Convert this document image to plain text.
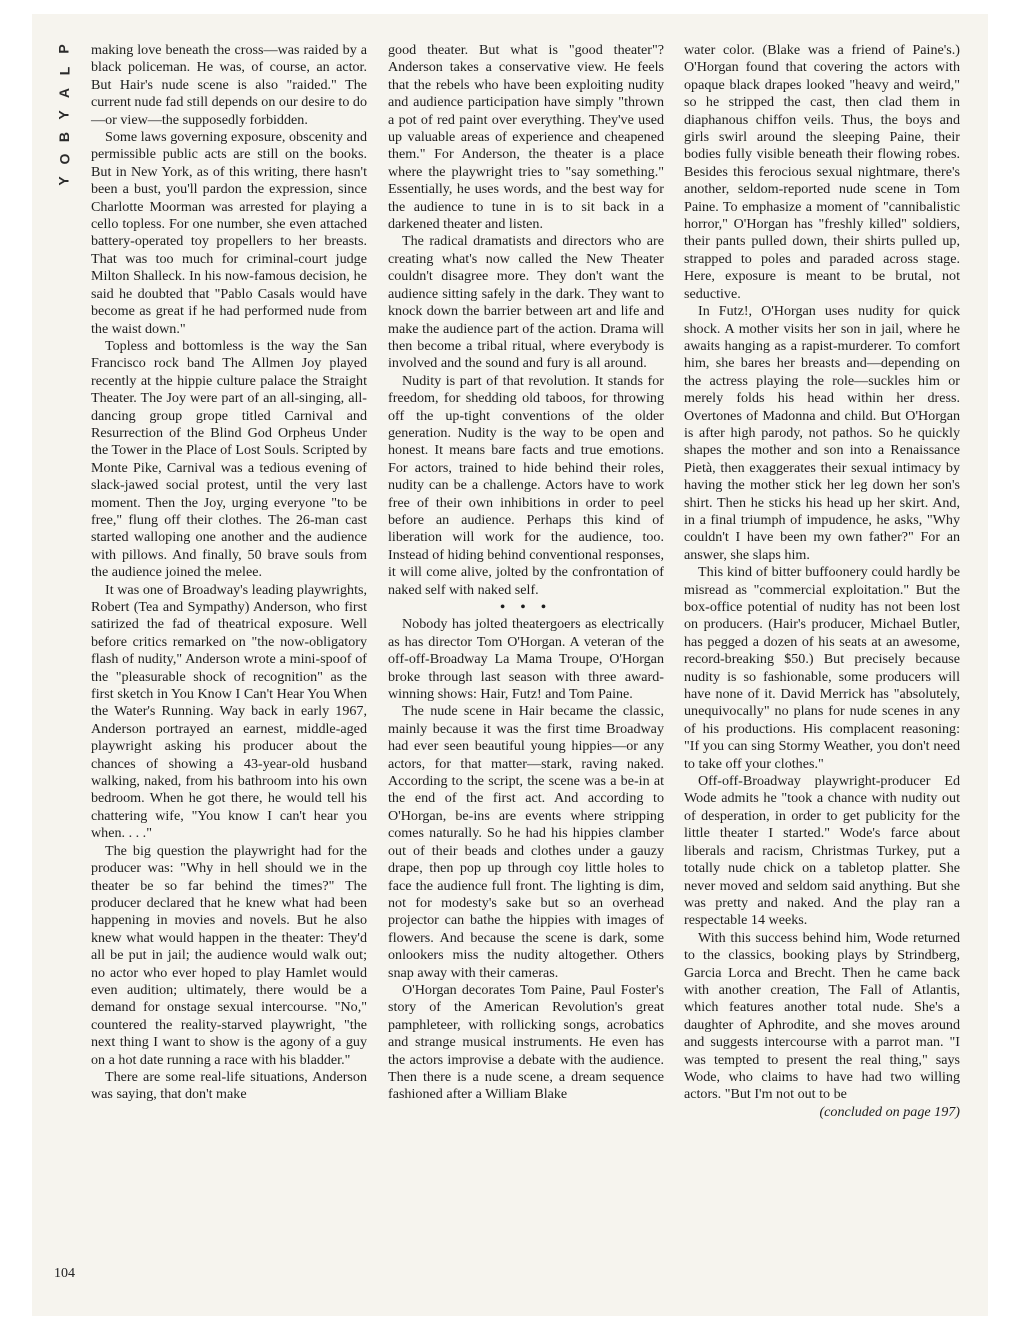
P
L
A
Y
B
O
Y

making love beneath the cross—was raided by a black policeman. He was, of course, an actor. But Hair's nude scene is also "raided." The current nude fad still depends on our desire to do—or view—the supposedly forbidden.

Some laws governing exposure, obscenity and permissible public acts are still on the books. But in New York, as of this writing, there hasn't been a bust, you'll pardon the expression, since Charlotte Moorman was arrested for playing a cello topless. For one number, she even attached battery-operated toy propellers to her breasts. That was too much for criminal-court judge Milton Shalleck. In his now-famous decision, he said he doubted that "Pablo Casals would have become as great if he had performed nude from the waist down."

Topless and bottomless is the way the San Francisco rock band The Allmen Joy played recently at the hippie culture palace the Straight Theater. The Joy were part of an all-singing, all-dancing group grope titled Carnival and Resurrection of the Blind God Orpheus Under the Tower in the Place of Lost Souls. Scripted by Monte Pike, Carnival was a tedious evening of slack-jawed social protest, until the very last moment. Then the Joy, urging everyone "to be free," flung off their clothes. The 26-man cast started walloping one another and the audience with pillows. And finally, 50 brave souls from the audience joined the melee.

It was one of Broadway's leading playwrights, Robert (Tea and Sympathy) Anderson, who first satirized the fad of theatrical exposure. Well before critics remarked on "the now-obligatory flash of nudity," Anderson wrote a mini-spoof of the "pleasurable shock of recognition" as the first sketch in You Know I Can't Hear You When the Water's Running. Way back in early 1967, Anderson portrayed an earnest, middle-aged playwright asking his producer about the chances of showing a 43-year-old husband walking, naked, from his bathroom into his own bedroom. When he got there, he would tell his chattering wife, "You know I can't hear you when. . . ."

The big question the playwright had for the producer was: "Why in hell should we in the theater be so far behind the times?" The producer declared that he knew what had been happening in movies and novels. But he also knew what would happen in the theater: They'd all be put in jail; the audience would walk out; no actor who ever hoped to play Hamlet would even audition; ultimately, there would be a demand for onstage sexual intercourse. "No," countered the reality-starved playwright, "the next thing I want to show is the agony of a guy on a hot date running a race with his bladder."

There are some real-life situations, Anderson was saying, that don't make

good theater. But what is "good theater"? Anderson takes a conservative view. He feels that the rebels who have been exploiting nudity and audience participation have simply "thrown a pot of red paint over everything. They've used up valuable areas of experience and cheapened them." For Anderson, the theater is a place where the playwright tries to "say something." Essentially, he uses words, and the best way for the audience to tune in is to sit back in a darkened theater and listen.

The radical dramatists and directors who are creating what's now called the New Theater couldn't disagree more. They don't want the audience sitting safely in the dark. They want to knock down the barrier between art and life and make the audience part of the action. Drama will then become a tribal ritual, where everybody is involved and the sound and fury is all around.

Nudity is part of that revolution. It stands for freedom, for shedding old taboos, for throwing off the up-tight conventions of the older generation. Nudity is the way to be open and honest. It means bare facts and true emotions. For actors, trained to hide behind their roles, nudity can be a challenge. Actors have to work free of their own inhibitions in order to peel before an audience. Perhaps this kind of liberation will work for the audience, too. Instead of hiding behind conventional responses, it will come alive, jolted by the confrontation of naked self with naked self.

• • •

Nobody has jolted theatergoers as electrically as has director Tom O'Horgan. A veteran of the off-off-Broadway La Mama Troupe, O'Horgan broke through last season with three award-winning shows: Hair, Futz! and Tom Paine.

The nude scene in Hair became the classic, mainly because it was the first time Broadway had ever seen beautiful young hippies—or any actors, for that matter—stark, raving naked. According to the script, the scene was a be-in at the end of the first act. And according to O'Horgan, be-ins are events where stripping comes naturally. So he had his hippies clamber out of their beads and clothes under a gauzy drape, then pop up through coy little holes to face the audience full front. The lighting is dim, not for modesty's sake but so an overhead projector can bathe the hippies with images of flowers. And because the scene is dark, some onlookers miss the nudity altogether. Others snap away with their cameras.

O'Horgan decorates Tom Paine, Paul Foster's story of the American Revolution's great pamphleteer, with rollicking songs, acrobatics and strange musical instruments. He even has the actors improvise a debate with the audience. Then there is a nude scene, a dream sequence fashioned after a William Blake

water color. (Blake was a friend of Paine's.) O'Horgan found that covering the actors with opaque black drapes looked "heavy and weird," so he stripped the cast, then clad them in diaphanous chiffon veils. Thus, the boys and girls swirl around the sleeping Paine, their bodies fully visible beneath their flowing robes. Besides this ferocious sexual nightmare, there's another, seldom-reported nude scene in Tom Paine. To emphasize a moment of "cannibalistic horror," O'Horgan has "freshly killed" soldiers, their pants pulled down, their shirts pulled up, strapped to poles and paraded across stage. Here, exposure is meant to be brutal, not seductive.

In Futz!, O'Horgan uses nudity for quick shock. A mother visits her son in jail, where he awaits hanging as a rapist-murderer. To comfort him, she bares her breasts and—depending on the actress playing the role—suckles him or merely folds his head within her dress. Overtones of Madonna and child. But O'Horgan is after high parody, not pathos. So he quickly shapes the mother and son into a Renaissance Pietà, then exaggerates their sexual intimacy by having the mother stick her leg down her son's shirt. Then he sticks his head up her skirt. And, in a final triumph of impudence, he asks, "Why couldn't I have been my own father?" For an answer, she slaps him.

This kind of bitter buffoonery could hardly be misread as "commercial exploitation." But the box-office potential of nudity has not been lost on producers. (Hair's producer, Michael Butler, has pegged a dozen of his seats at an awesome, record-breaking $50.) But precisely because nudity is so fashionable, some producers will have none of it. David Merrick has "absolutely, unequivocally" no plans for nude scenes in any of his productions. His complacent reasoning: "If you can sing Stormy Weather, you don't need to take off your clothes."

Off-off-Broadway playwright-producer Ed Wode admits he "took a chance with nudity out of desperation, in order to get publicity for the little theater I started." Wode's farce about liberals and racism, Christmas Turkey, put a totally nude chick on a tabletop platter. She never moved and seldom said anything. But she was pretty and naked. And the play ran a respectable 14 weeks.

With this success behind him, Wode returned to the classics, booking plays by Strindberg, Garcia Lorca and Brecht. Then he came back with another creation, The Fall of Atlantis, which features another total nude. She's a daughter of Aphrodite, and she moves around and suggests intercourse with a parrot man. "I was tempted to present the real thing," says Wode, who claims to have had two willing actors. "But I'm not out to be

(concluded on page 197)

104
